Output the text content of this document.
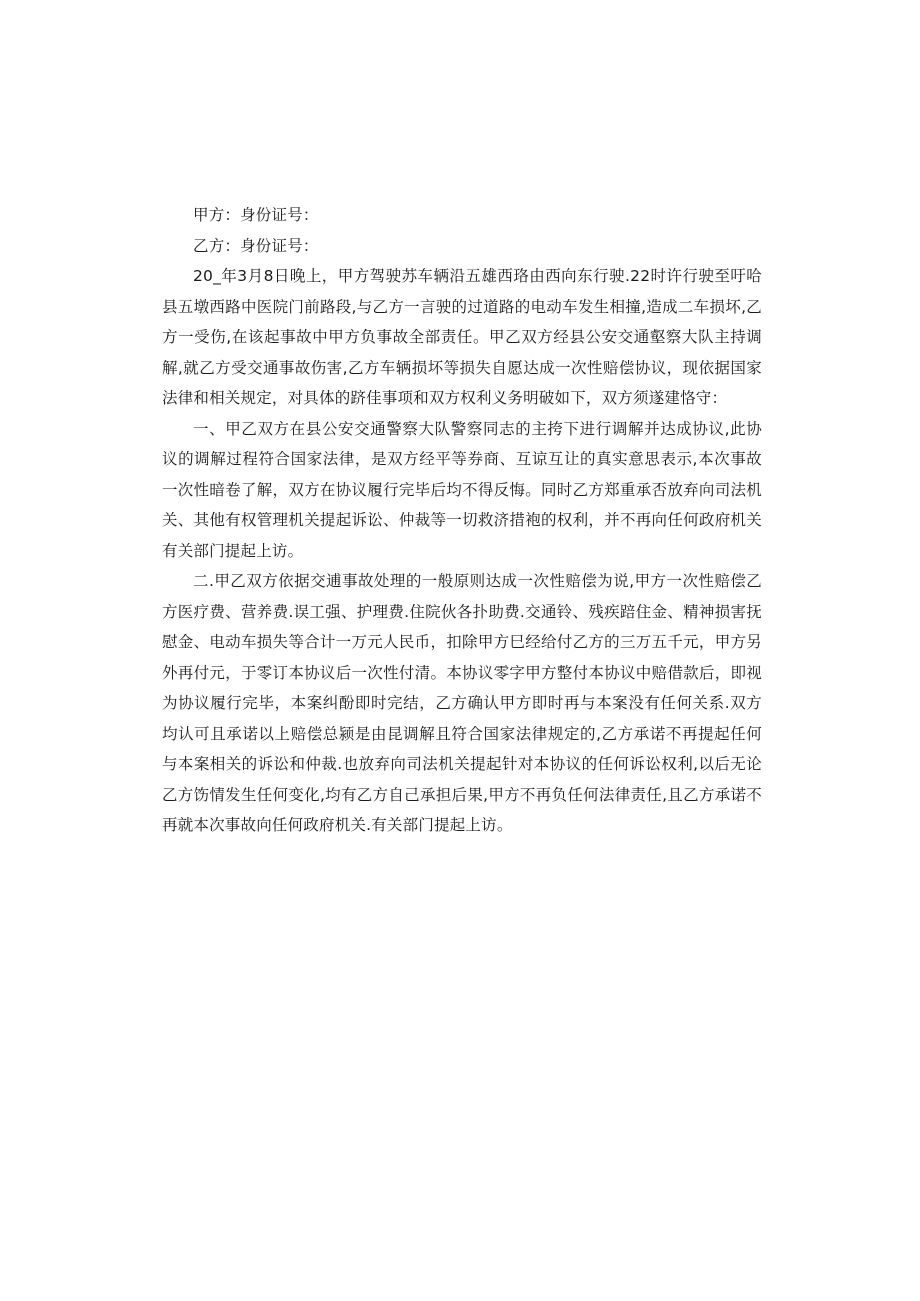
甲方：身份证号：
乙方：身份证号：

20_年3月8日晚上，甲方驾驶苏车辆沿五雄西珞由西向东行驶.22时许行驶至吁哈县五墩西路中医院门前路段,与乙方一言驶的过道路的电动车发生相撞,造成二车损坏,乙方一受伤,在该起事故中甲方负事故全部责任。甲乙双方经县公安交通壑察大队主持调解,就乙方受交通事故伤害,乙方车辆损坏等损失自愿达成一次性赔偿协议，现依据国家法律和相关规定，对具体的跻佳事项和双方权利义务明破如下，双方须遂建恪守：

一、甲乙双方在县公安交通警察大队警察同志的主挎下进行调解并达成协议,此协议的调解过程符合国家法律，是双方经平等券商、互谅互让的真实意思表示,本次事故一次性暗卷了解，双方在协议履行完毕后均不得反悔。同时乙方郑重承否放弃向司法机关、其他有权管理机关提起诉讼、仲裁等一切救济措袍的权利，并不再向任何政府机关有关部门提起上访。

二.甲乙双方依据交逋事故处理的一般原则达成一次性赔偿为说,甲方一次性赔偿乙方医疗费、营养费.误工强、护理费.住院伙各扑助费.交通铃、残疾踣住金、精神损害抚慰金、电动车损失等合计一万元人民币，扣除甲方巳经给付乙方的三万五千元，甲方另外再付元，于零订本协议后一次性付清。本协议零字甲方整付本协议中赔借款后，即视为协议履行完毕，本案纠酚即时完结，乙方确认甲方即时再与本案没有任何关系.双方均认可且承诺以上赔偿总颍是由昆调解且符合国家法律规定的,乙方承诺不再提起任何与本案相关的诉讼和仲裁.也放弃向司法机关提起针对本协议的任何诉讼权利,以后无论乙方饬情发生任何变化,均有乙方自己承担后果,甲方不再负任何法律责任,且乙方承诺不再就本次事故向任何政府机关.有关部门提起上访。
